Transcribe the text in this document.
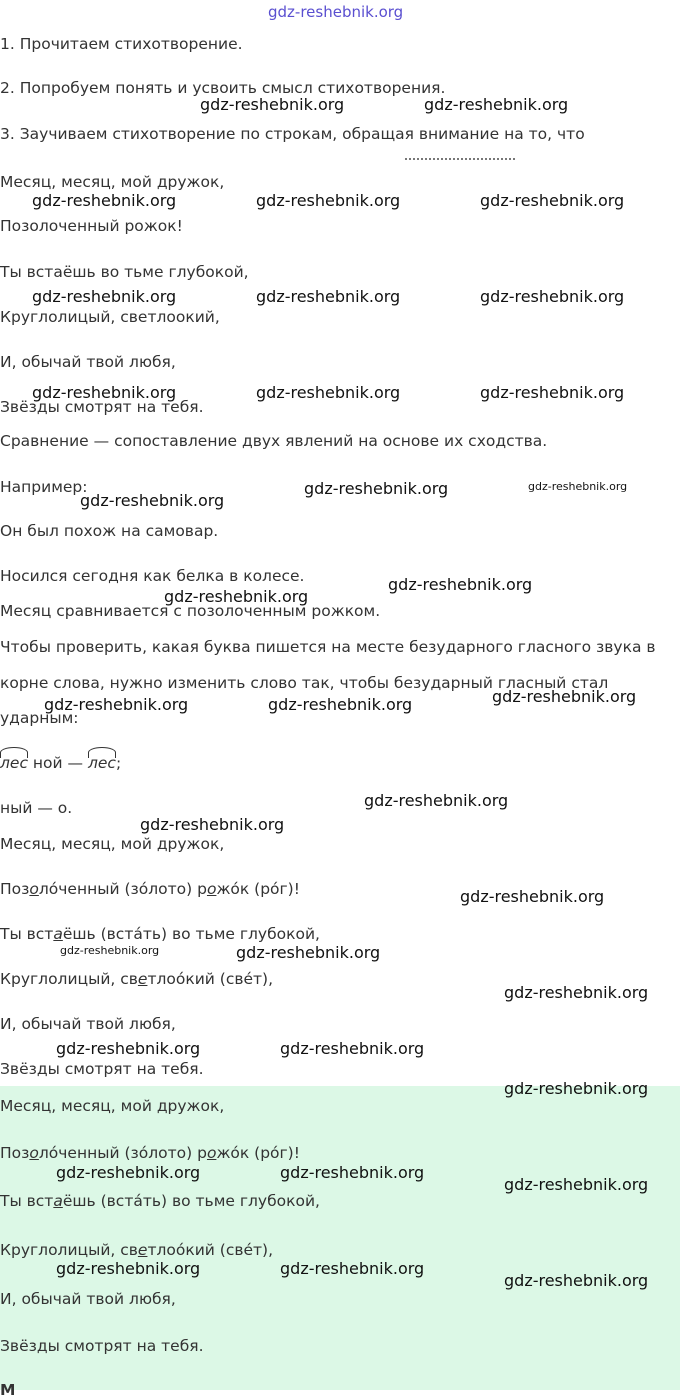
gdz-reshebnik.org
1. Прочитаем стихотворение.
2. Попробуем понять и усвоить смысл стихотворения.
3. Заучиваем стихотворение по строкам, обращая внимание на то, что
Месяц, месяц, мой дружок,
Позолоченный рожок!
Ты встаёшь во тьме глубокой,
Круглолицый, светлоокий,
И, обычай твой любя,
Звёзды смотрят на тебя.
Сравнение — сопоставление двух явлений на основе их сходства.
Например:
Он был похож на самовар.
Носился сегодня как белка в колесе.
Месяц сравнивается с позолоченным рожком.
Чтобы проверить, какая буква пишется на месте безударного гласного звука в
корне слова, нужно изменить слово так, чтобы безударный гласный стал
ударным:
лес ной — лес;
ный — о.
Месяц, месяц, мой дружок,
Позолóченный (зóлото) рожóк (рóг)!
Ты встаёшь (встáть) во тьме глубокой,
Круглолицый, светлоóкий (свéт),
И, обычай твой любя,
Звёзды смотрят на тебя.
Месяц, месяц, мой дружок,
Позолóченный (зóлото) рожóк (рóг)!
Ты встаёшь (встáть) во тьме глубокой,
Круглолицый, светлоóкий (свéт),
И, обычай твой любя,
Звёзды смотрят на тебя.
М
gdz-reshebnik.org	gdz-reshebnik.org
gdz-reshebnik.org	gdz-reshebnik.org	gdz-reshebnik.org
gdz-reshebnik.org	gdz-reshebnik.org	gdz-reshebnik.org
gdz-reshebnik.org	gdz-reshebnik.org	gdz-reshebnik.org
gdz-reshebnik.org
gdz-reshebnik.org	gdz-reshebnik.org
gdz-reshebnik.org
gdz-reshebnik.org
gdz-reshebnik.org
gdz-reshebnik.org	gdz-reshebnik.org
gdz-reshebnik.org
gdz-reshebnik.org
gdz-reshebnik.org
gdz-reshebnik.org	gdz-reshebnik.org
gdz-reshebnik.org
gdz-reshebnik.org	gdz-reshebnik.org
gdz-reshebnik.org
gdz-reshebnik.org	gdz-reshebnik.org
gdz-reshebnik.org
gdz-reshebnik.org	gdz-reshebnik.org
gdz-reshebnik.org
